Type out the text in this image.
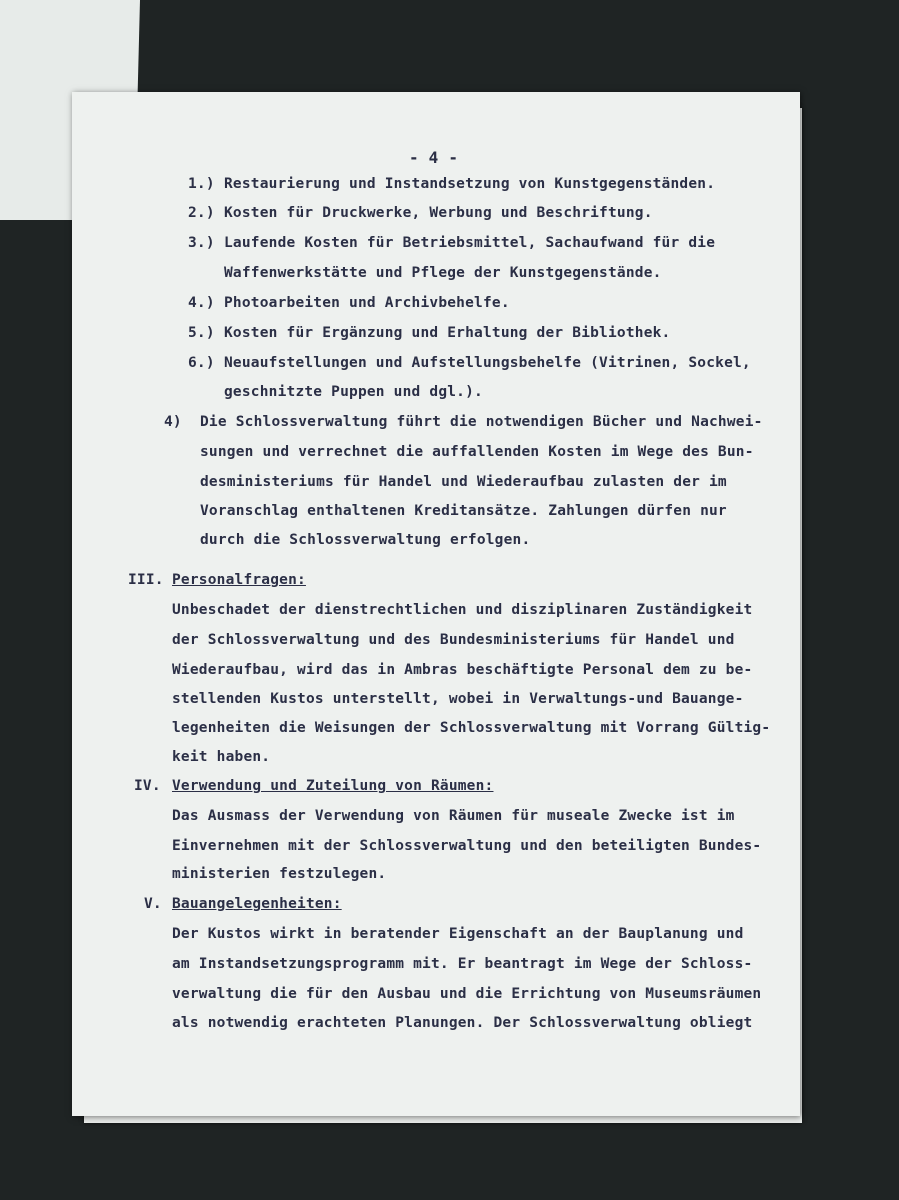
- 4 -
1.) Restaurierung und Instandsetzung von Kunstgegenständen.
2.) Kosten für Druckwerke, Werbung und Beschriftung.
3.) Laufende Kosten für Betriebsmittel, Sachaufwand für die
Waffenwerkstätte und Pflege der Kunstgegenstände.
4.) Photoarbeiten und Archivbehelfe.
5.) Kosten für Ergänzung und Erhaltung der Bibliothek.
6.) Neuaufstellungen und Aufstellungsbehelfe (Vitrinen, Sockel,
geschnitzte Puppen und dgl.).
4) Die Schlossverwaltung führt die notwendigen Bücher und Nachwei-
sungen und verrechnet die auffallenden Kosten im Wege des Bun-
desministeriums für Handel und Wiederaufbau zulasten der im
Voranschlag enthaltenen Kreditansätze. Zahlungen dürfen nur
durch die Schlossverwaltung erfolgen.
III. Personalfragen:
Unbeschadet der dienstrechtlichen und disziplinaren Zuständigkeit
der Schlossverwaltung und des Bundesministeriums für Handel und
Wiederaufbau, wird das in Ambras beschäftigte Personal dem zu be-
stellenden Kustos unterstellt, wobei in Verwaltungs-und Bauange-
legenheiten die Weisungen der Schlossverwaltung mit Vorrang Gültig-
keit haben.
IV. Verwendung und Zuteilung von Räumen:
Das Ausmass der Verwendung von Räumen für museale Zwecke ist im
Einvernehmen mit der Schlossverwaltung und den beteiligten Bundes-
ministerien festzulegen.
V. Bauangelegenheiten:
Der Kustos wirkt in beratender Eigenschaft an der Bauplanung und
am Instandsetzungsprogramm mit. Er beantragt im Wege der Schloss-
verwaltung die für den Ausbau und die Errichtung von Museumsräumen
als notwendig erachteten Planungen. Der Schlossverwaltung obliegt
